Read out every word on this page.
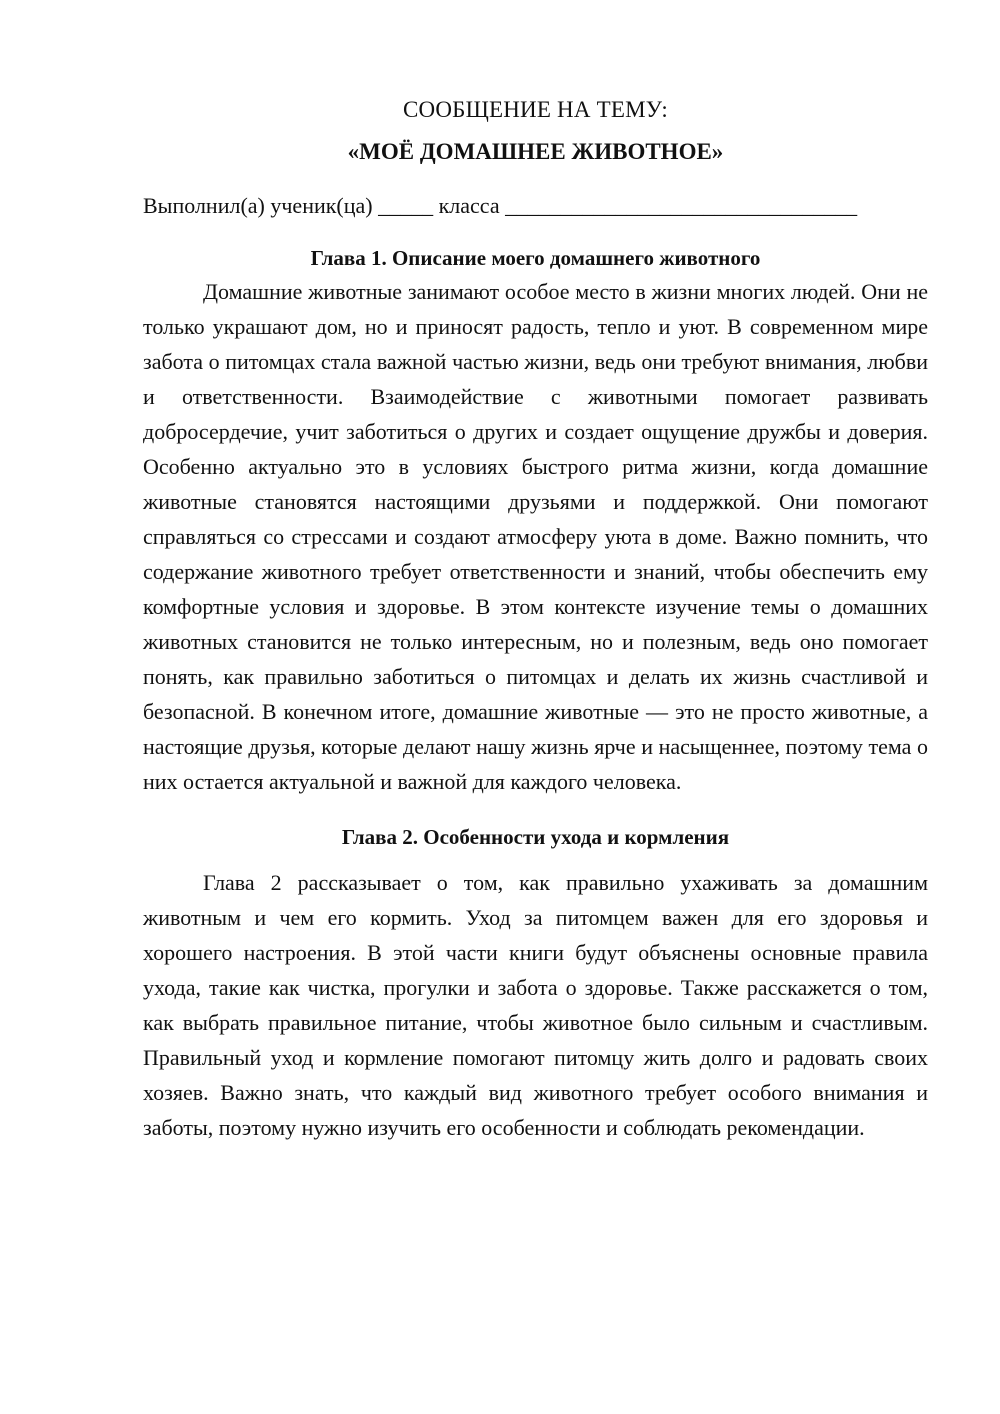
СООБЩЕНИЕ НА ТЕМУ:
«МОЁ ДОМАШНЕЕ ЖИВОТНОЕ»
Выполнил(а) ученик(ца) _____ класса ________________________________
Глава 1. Описание моего домашнего животного

Домашние животные занимают особое место в жизни многих людей. Они не только украшают дом, но и приносят радость, тепло и уют. В современном мире забота о питомцах стала важной частью жизни, ведь они требуют внимания, любви и ответственности. Взаимодействие с животными помогает развивать добросердечие, учит заботиться о других и создает ощущение дружбы и доверия. Особенно актуально это в условиях быстрого ритма жизни, когда домашние животные становятся настоящими друзьями и поддержкой. Они помогают справляться со стрессами и создают атмосферу уюта в доме. Важно помнить, что содержание животного требует ответственности и знаний, чтобы обеспечить ему комфортные условия и здоровье. В этом контексте изучение темы о домашних животных становится не только интересным, но и полезным, ведь оно помогает понять, как правильно заботиться о питомцах и делать их жизнь счастливой и безопасной. В конечном итоге, домашние животные — это не просто животные, а настоящие друзья, которые делают нашу жизнь ярче и насыщеннее, поэтому тема о них остается актуальной и важной для каждого человека.

Глава 2. Особенности ухода и кормления

Глава 2 рассказывает о том, как правильно ухаживать за домашним животным и чем его кормить. Уход за питомцем важен для его здоровья и хорошего настроения. В этой части книги будут объяснены основные правила ухода, такие как чистка, прогулки и забота о здоровье. Также расскажется о том, как выбрать правильное питание, чтобы животное было сильным и счастливым. Правильный уход и кормление помогают питомцу жить долго и радовать своих хозяев. Важно знать, что каждый вид животного требует особого внимания и заботы, поэтому нужно изучить его особенности и соблюдать рекомендации.
